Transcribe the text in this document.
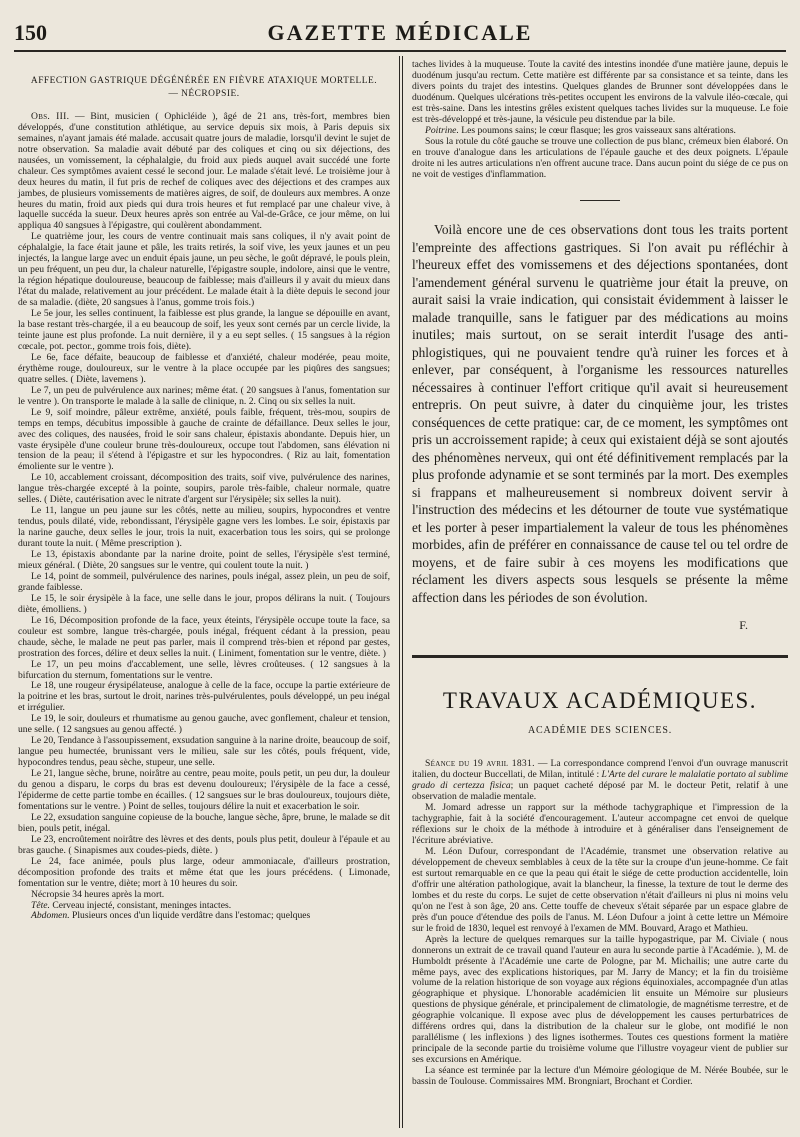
150	GAZETTE MÉDICALE

AFFECTION GASTRIQUE DÉGÉNÉRÉE EN FIÈVRE ATAXIQUE MORTELLE.

— NÉCROPSIE.

Obs. III. — Bint, musicien ( Ophicléide ), âgé de 21 ans, très-fort, membres bien développés, d'une constitution athlétique, au service depuis six mois, à Paris depuis six semaines, n'ayant jamais été malade. accusait quatre jours de maladie, lorsqu'il devint le sujet de notre observation. Sa maladie avait débuté par des coliques et cinq ou six déjections, des nausées, un vomissement, la céphalalgie, du froid aux pieds auquel avait succédé une forte chaleur. Ces symptômes avaient cessé le second jour. Le malade s'était levé. Le troisième jour à deux heures du matin, il fut pris de rechef de coliques avec des déjections et des crampes aux jambes, de plusieurs vomissements de matières aigres, de soif, de douleurs aux membres. A onze heures du matin, froid aux pieds qui dura trois heures et fut remplacé par une chaleur vive, à laquelle succéda la sueur. Deux heures après son entrée au Val-de-Grâce, ce jour même, on lui appliqua 40 sangsues à l'épigastre, qui coulèrent abondamment.

Le quatrième jour, les cours de ventre continuait mais sans coliques, il n'y avait point de céphalalgie, la face était jaune et pâle, les traits retirés, la soif vive, les yeux jaunes et un peu injectés, la langue large avec un enduit épais jaune, un peu sèche, le goût dépravé, le pouls plein, un peu fréquent, un peu dur, la chaleur naturelle, l'épigastre souple, indolore, ainsi que le ventre, la région hépatique douloureuse, beaucoup de faiblesse; mais d'ailleurs il y avait du mieux dans l'état du malade, relativement au jour précédent. Le malade était à la diète depuis le second jour de sa maladie. (diète, 20 sangsues à l'anus, gomme trois fois.)

Le 5e jour, les selles continuent, la faiblesse est plus grande, la langue se dépouille en avant, la base restant très-chargée, il a eu beaucoup de soif, les yeux sont cernés par un cercle livide, la teinte jaune est plus profonde. La nuit dernière, il y a eu sept selles. ( 15 sangsues à la région cœcale, pot. pector., gomme trois fois, diète).

Le 6e, face défaite, beaucoup de faiblesse et d'anxiété, chaleur modérée, peau moite, érythème rouge, douloureux, sur le ventre à la place occupée par les piqûres des sangsues; quatre selles. ( Diète, lavemens ).

Le 7, un peu de pulvérulence aux narines; même état. ( 20 sangsues à l'anus, fomentation sur le ventre ). On transporte le malade à la salle de clinique, n. 2. Cinq ou six selles la nuit.

Le 9, soif moindre, pâleur extrême, anxiété, pouls faible, fréquent, très-mou, soupirs de temps en temps, décubitus impossible à gauche de crainte de défaillance. Deux selles le jour, avec des coliques, des nausées, froid le soir sans chaleur, épistaxis abondante. Depuis hier, un vaste érysipèle d'une couleur brune très-douloureux, occupe tout l'abdomen, sans élévation ni tension de la peau; il s'étend à l'épigastre et sur les hypocondres. ( Riz au lait, fomentation émoliente sur le ventre ).

Le 10, accablement croissant, décomposition des traits, soif vive, pulvérulence des narines, langue très-chargée excepté à la pointe, soupirs, parole très-faible, chaleur normale, quatre selles. ( Diète, cautérisation avec le nitrate d'argent sur l'érysipèle; six selles la nuit).

Le 11, langue un peu jaune sur les côtés, nette au milieu, soupirs, hypocondres et ventre tendus, pouls dilaté, vide, rebondissant, l'érysipèle gagne vers les lombes. Le soir, épistaxis par la narine gauche, deux selles le jour, trois la nuit, exacerbation tous les soirs, qui se prolonge durant toute la nuit. ( Même prescription ).

Le 13, épistaxis abondante par la narine droite, point de selles, l'érysipèle s'est terminé, mieux général. ( Diète, 20 sangsues sur le ventre, qui coulent toute la nuit. )

Le 14, point de sommeil, pulvérulence des narines, pouls inégal, assez plein, un peu de soif, grande faiblesse.

Le 15, le soir érysipèle à la face, une selle dans le jour, propos délirans la nuit. ( Toujours diète, émolliens. )

Le 16, Décomposition profonde de la face, yeux éteints, l'érysipèle occupe toute la face, sa couleur est sombre, langue très-chargée, pouls inégal, fréquent cédant à la pression, peau chaude, sèche, le malade ne peut pas parler, mais il comprend très-bien et répond par gestes, prostration des forces, délire et deux selles la nuit. ( Liniment, fomentation sur le ventre, diète. )

Le 17, un peu moins d'accablement, une selle, lèvres croûteuses. ( 12 sangsues à la bifurcation du sternum, fomentations sur le ventre.

Le 18, une rougeur érysipélateuse, analogue à celle de la face, occupe la partie extérieure de la poitrine et les bras, surtout le droit, narines très-pulvérulentes, pouls développé, un peu inégal et irrégulier.

Le 19, le soir, douleurs et rhumatisme au genou gauche, avec gonflement, chaleur et tension, une selle. ( 12 sangsues au genou affecté. )

Le 20, Tendance à l'assoupissement, exsudation sanguine à la narine droite, beaucoup de soif, langue peu humectée, brunissant vers le milieu, sale sur les côtés, pouls fréquent, vide, hypocondres tendus, peau sèche, stupeur, une selle.

Le 21, langue sèche, brune, noirâtre au centre, peau moite, pouls petit, un peu dur, la douleur du genou a disparu, le corps du bras est devenu douloureux; l'érysipèle de la face a cessé, l'épiderme de cette partie tombe en écailles. ( 12 sangsues sur le bras douloureux, toujours diète, fomentations sur le ventre. ) Point de selles, toujours délire la nuit et exacerbation le soir.

Le 22, exsudation sanguine copieuse de la bouche, langue sèche, âpre, brune, le malade se dit bien, pouls petit, inégal.

Le 23, encroûtement noirâtre des lèvres et des dents, pouls plus petit, douleur à l'épaule et au bras gauche. ( Sinapismes aux coudes-pieds, diète. )

Le 24, face animée, pouls plus large, odeur ammoniacale, d'ailleurs prostration, décomposition profonde des traits et même état que les jours précédens. ( Limonade, fomentation sur le ventre, diète; mort à 10 heures du soir.

Nécropsie 34 heures après la mort.

Tête. Cerveau injecté, consistant, meninges intactes.

Abdomen. Plusieurs onces d'un liquide verdâtre dans l'estomac; quelques

taches livides à la muqueuse. Toute la cavité des intestins inondée d'une matière jaune, depuis le duodénum jusqu'au rectum. Cette matière est différente par sa consistance et sa teinte, dans les divers points du trajet des intestins. Quelques glandes de Brunner sont développées dans le duodénum. Quelques ulcérations très-petites occupent les environs de la valvule iléo-cœcale, qui est très-saine. Dans les intestins grêles existent quelques taches livides sur la muqueuse. Le foie est très-développé et très-jaune, la vésicule peu distendue par la bile.

Poitrine. Les poumons sains; le cœur flasque; les gros vaisseaux sans altérations.

Sous la rotule du côté gauche se trouve une collection de pus blanc, crémeux bien élaboré. On en trouve d'analogue dans les articulations de l'épaule gauche et des deux poignets. L'épaule droite ni les autres articulations n'en offrent aucune trace. Dans aucun point du siége de ce pus on ne voit de vestiges d'inflammation.

Voilà encore une de ces observations dont tous les traits portent l'empreinte des affections gastriques. Si l'on avait pu réfléchir à l'heureux effet des vomissemens et des déjections spontanées, dont l'amendement général survenu le quatrième jour était la preuve, on aurait saisi la vraie indication, qui consistait évidemment à laisser le malade tranquille, sans le fatiguer par des médications au moins inutiles; mais surtout, on se serait interdit l'usage des anti-phlogistiques, qui ne pouvaient tendre qu'à ruiner les forces et à enlever, par conséquent, à l'organisme les ressources naturelles nécessaires à continuer l'effort critique qu'il avait si heureusement entrepris. On peut suivre, à dater du cinquième jour, les tristes conséquences de cette pratique: car, de ce moment, les symptômes ont pris un accroissement rapide; à ceux qui existaient déjà se sont ajoutés des phénomènes nerveux, qui ont été définitivement remplacés par la plus profonde adynamie et se sont terminés par la mort. Des exemples si frappans et malheureusement si nombreux doivent servir à l'instruction des médecins et les détourner de toute vue systématique et les porter à peser impartialement la valeur de tous les phénomènes morbides, afin de préférer en connaissance de cause tel ou tel ordre de moyens, et de faire subir à ces moyens les modifications que réclament les divers aspects sous lesquels se présente la même affection dans les périodes de son évolution.

F.

TRAVAUX ACADÉMIQUES.

ACADÉMIE DES SCIENCES.

Séance du 19 avril 1831. — La correspondance comprend l'envoi d'un ouvrage manuscrit italien, du docteur Buccellati, de Milan, intitulé : L'Arte del curare le malalatie portato al sublime grado di certezza fisica; un paquet cacheté déposé par M. le docteur Petit, relatif à une observation de maladie mentale.

M. Jomard adresse un rapport sur la méthode tachygraphique et l'impression de la tachygraphie, fait à la société d'encouragement. L'auteur accompagne cet envoi de quelque réflexions sur le choix de la méthode à introduire et à généraliser dans l'enseignement de l'écriture abréviative.

M. Léon Dufour, correspondant de l'Académie, transmet une observation relative au développement de cheveux semblables à ceux de la tête sur la croupe d'un jeune-homme. Ce fait est surtout remarquable en ce que la peau qui était le siége de cette production accidentelle, loin d'offrir une altération pathologique, avait la blancheur, la finesse, la texture de tout le derme des lombes et du reste du corps. Le sujet de cette observation n'était d'ailleurs ni plus ni moins velu qu'on ne l'est à son âge, 20 ans. Cette touffe de cheveux s'était séparée par un espace glabre de près d'un pouce d'étendue des poils de l'anus. M. Léon Dufour a joint à cette lettre un Mémoire sur le froid de 1830, lequel est renvoyé à l'examen de MM. Bouvard, Arago et Mathieu.

Après la lecture de quelques remarques sur la taille hypogastrique, par M. Civiale ( nous donnerons un extrait de ce travail quand l'auteur en aura lu seconde partie à l'Académie. ), M. de Humboldt présente à l'Académie une carte de Pologne, par M. Michailis; une autre carte du même pays, avec des explications historiques, par M. Jarry de Mancy; et la fin du troisième volume de la relation historique de son voyage aux régions équinoxiales, accompagnée d'un atlas géographique et physique. L'honorable académicien lit ensuite un Mémoire sur plusieurs questions de physique générale, et principalement de climatologie, de magnétisme terrestre, et de géographie volcanique. Il expose avec plus de développement les causes perturbatrices de différens ordres qui, dans la distribution de la chaleur sur le globe, ont modifié le non parallélisme ( les inflexions ) des lignes isothermes. Toutes ces questions forment la matière principale de la seconde partie du troisième volume que l'illustre voyageur vient de publier sur ses excursions en Amérique.

La séance est terminée par la lecture d'un Mémoire géologique de M. Nérée Boubée, sur le bassin de Toulouse. Commissaires MM. Brongniart, Brochant et Cordier.
